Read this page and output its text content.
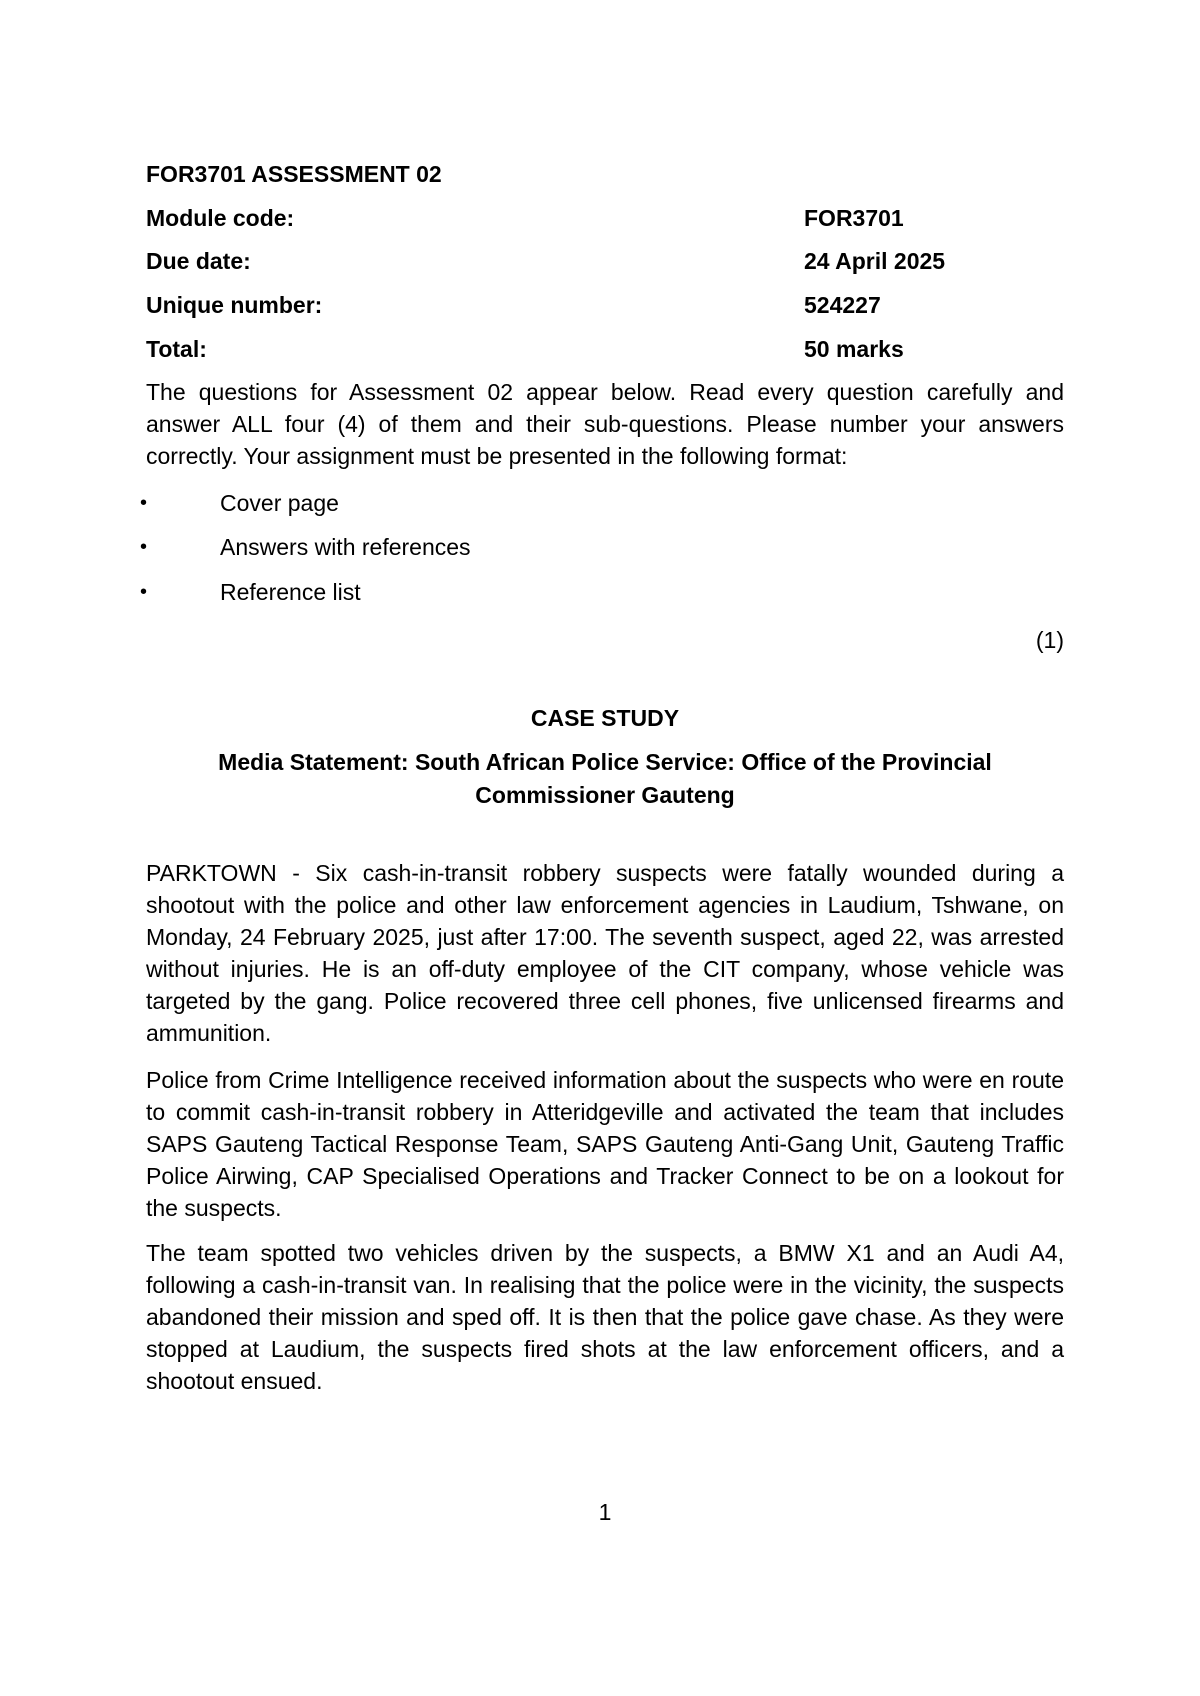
FOR3701 ASSESSMENT 02
Module code:	FOR3701
Due date:	24 April 2025
Unique number:	524227
Total:	50 marks

The questions for Assessment 02 appear below. Read every question carefully and answer ALL four (4) of them and their sub-questions. Please number your answers correctly. Your assignment must be presented in the following format:

•	Cover page
•	Answers with references
•	Reference list
(1)
CASE STUDY
Media Statement: South African Police Service: Office of the Provincial
Commissioner Gauteng

PARKTOWN - Six cash-in-transit robbery suspects were fatally wounded during a shootout with the police and other law enforcement agencies in Laudium, Tshwane, on Monday, 24 February 2025, just after 17:00. The seventh suspect, aged 22, was arrested without injuries. He is an off-duty employee of the CIT company, whose vehicle was targeted by the gang. Police recovered three cell phones, five unlicensed firearms and ammunition.

Police from Crime Intelligence received information about the suspects who were en route to commit cash-in-transit robbery in Atteridgeville and activated the team that includes SAPS Gauteng Tactical Response Team, SAPS Gauteng Anti-Gang Unit, Gauteng Traffic Police Airwing, CAP Specialised Operations and Tracker Connect to be on a lookout for the suspects.

The team spotted two vehicles driven by the suspects, a BMW X1 and an Audi A4, following a cash-in-transit van. In realising that the police were in the vicinity, the suspects abandoned their mission and sped off. It is then that the police gave chase. As they were stopped at Laudium, the suspects fired shots at the law enforcement officers, and a shootout ensued.

1
